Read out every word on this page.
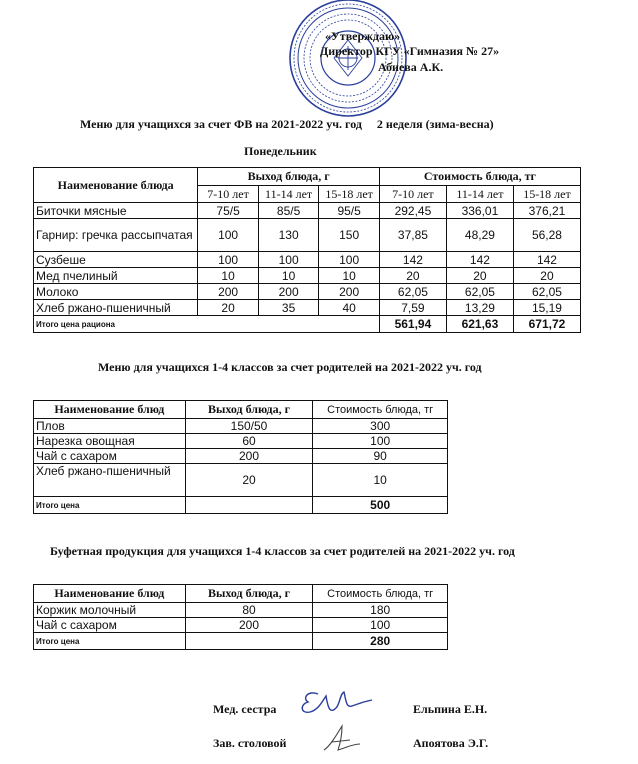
«Утверждаю»
Директор КГУ «Гимназия № 27»
Абиева А.К.
Меню для учащихся за счет ФВ на 2021-2022 уч. год     2 неделя (зима-весна)
Понедельник
Наименование блюда	Выход блюда, г			Стоимость блюда, тг		
	7-10 лет	11-14 лет	15-18 лет	7-10 лет	11-14 лет	15-18 лет
Биточки мясные	75/5	85/5	95/5	292,45	336,01	376,21
Гарнир: гречка рассыпчатая	100	130	150	37,85	48,29	56,28
Сузбеше	100	100	100	142	142	142
Мед пчелиный	10	10	10	20	20	20
Молоко	200	200	200	62,05	62,05	62,05
Хлеб ржано-пшеничный	20	35	40	7,59	13,29	15,19
Итого цена рациона				561,94	621,63	671,72
Меню для учащихся 1-4 классов за счет родителей на 2021-2022 уч. год
Наименование блюд	Выход блюда, г	Стоимость блюда, тг
Плов	150/50	300
Нарезка овощная	60	100
Чай с сахаром	200	90
Хлеб ржано-пшеничный	20	10
Итого цена		500
Буфетная продукция для учащихся 1-4 классов за счет родителей на 2021-2022 уч. год
Наименование блюд	Выход блюда, г	Стоимость блюда, тг
Коржик молочный	80	180
Чай с сахаром	200	100
Итого цена		280
Мед. сестра	Ельпина Е.Н.
Зав. столовой	Апоятова Э.Г.
